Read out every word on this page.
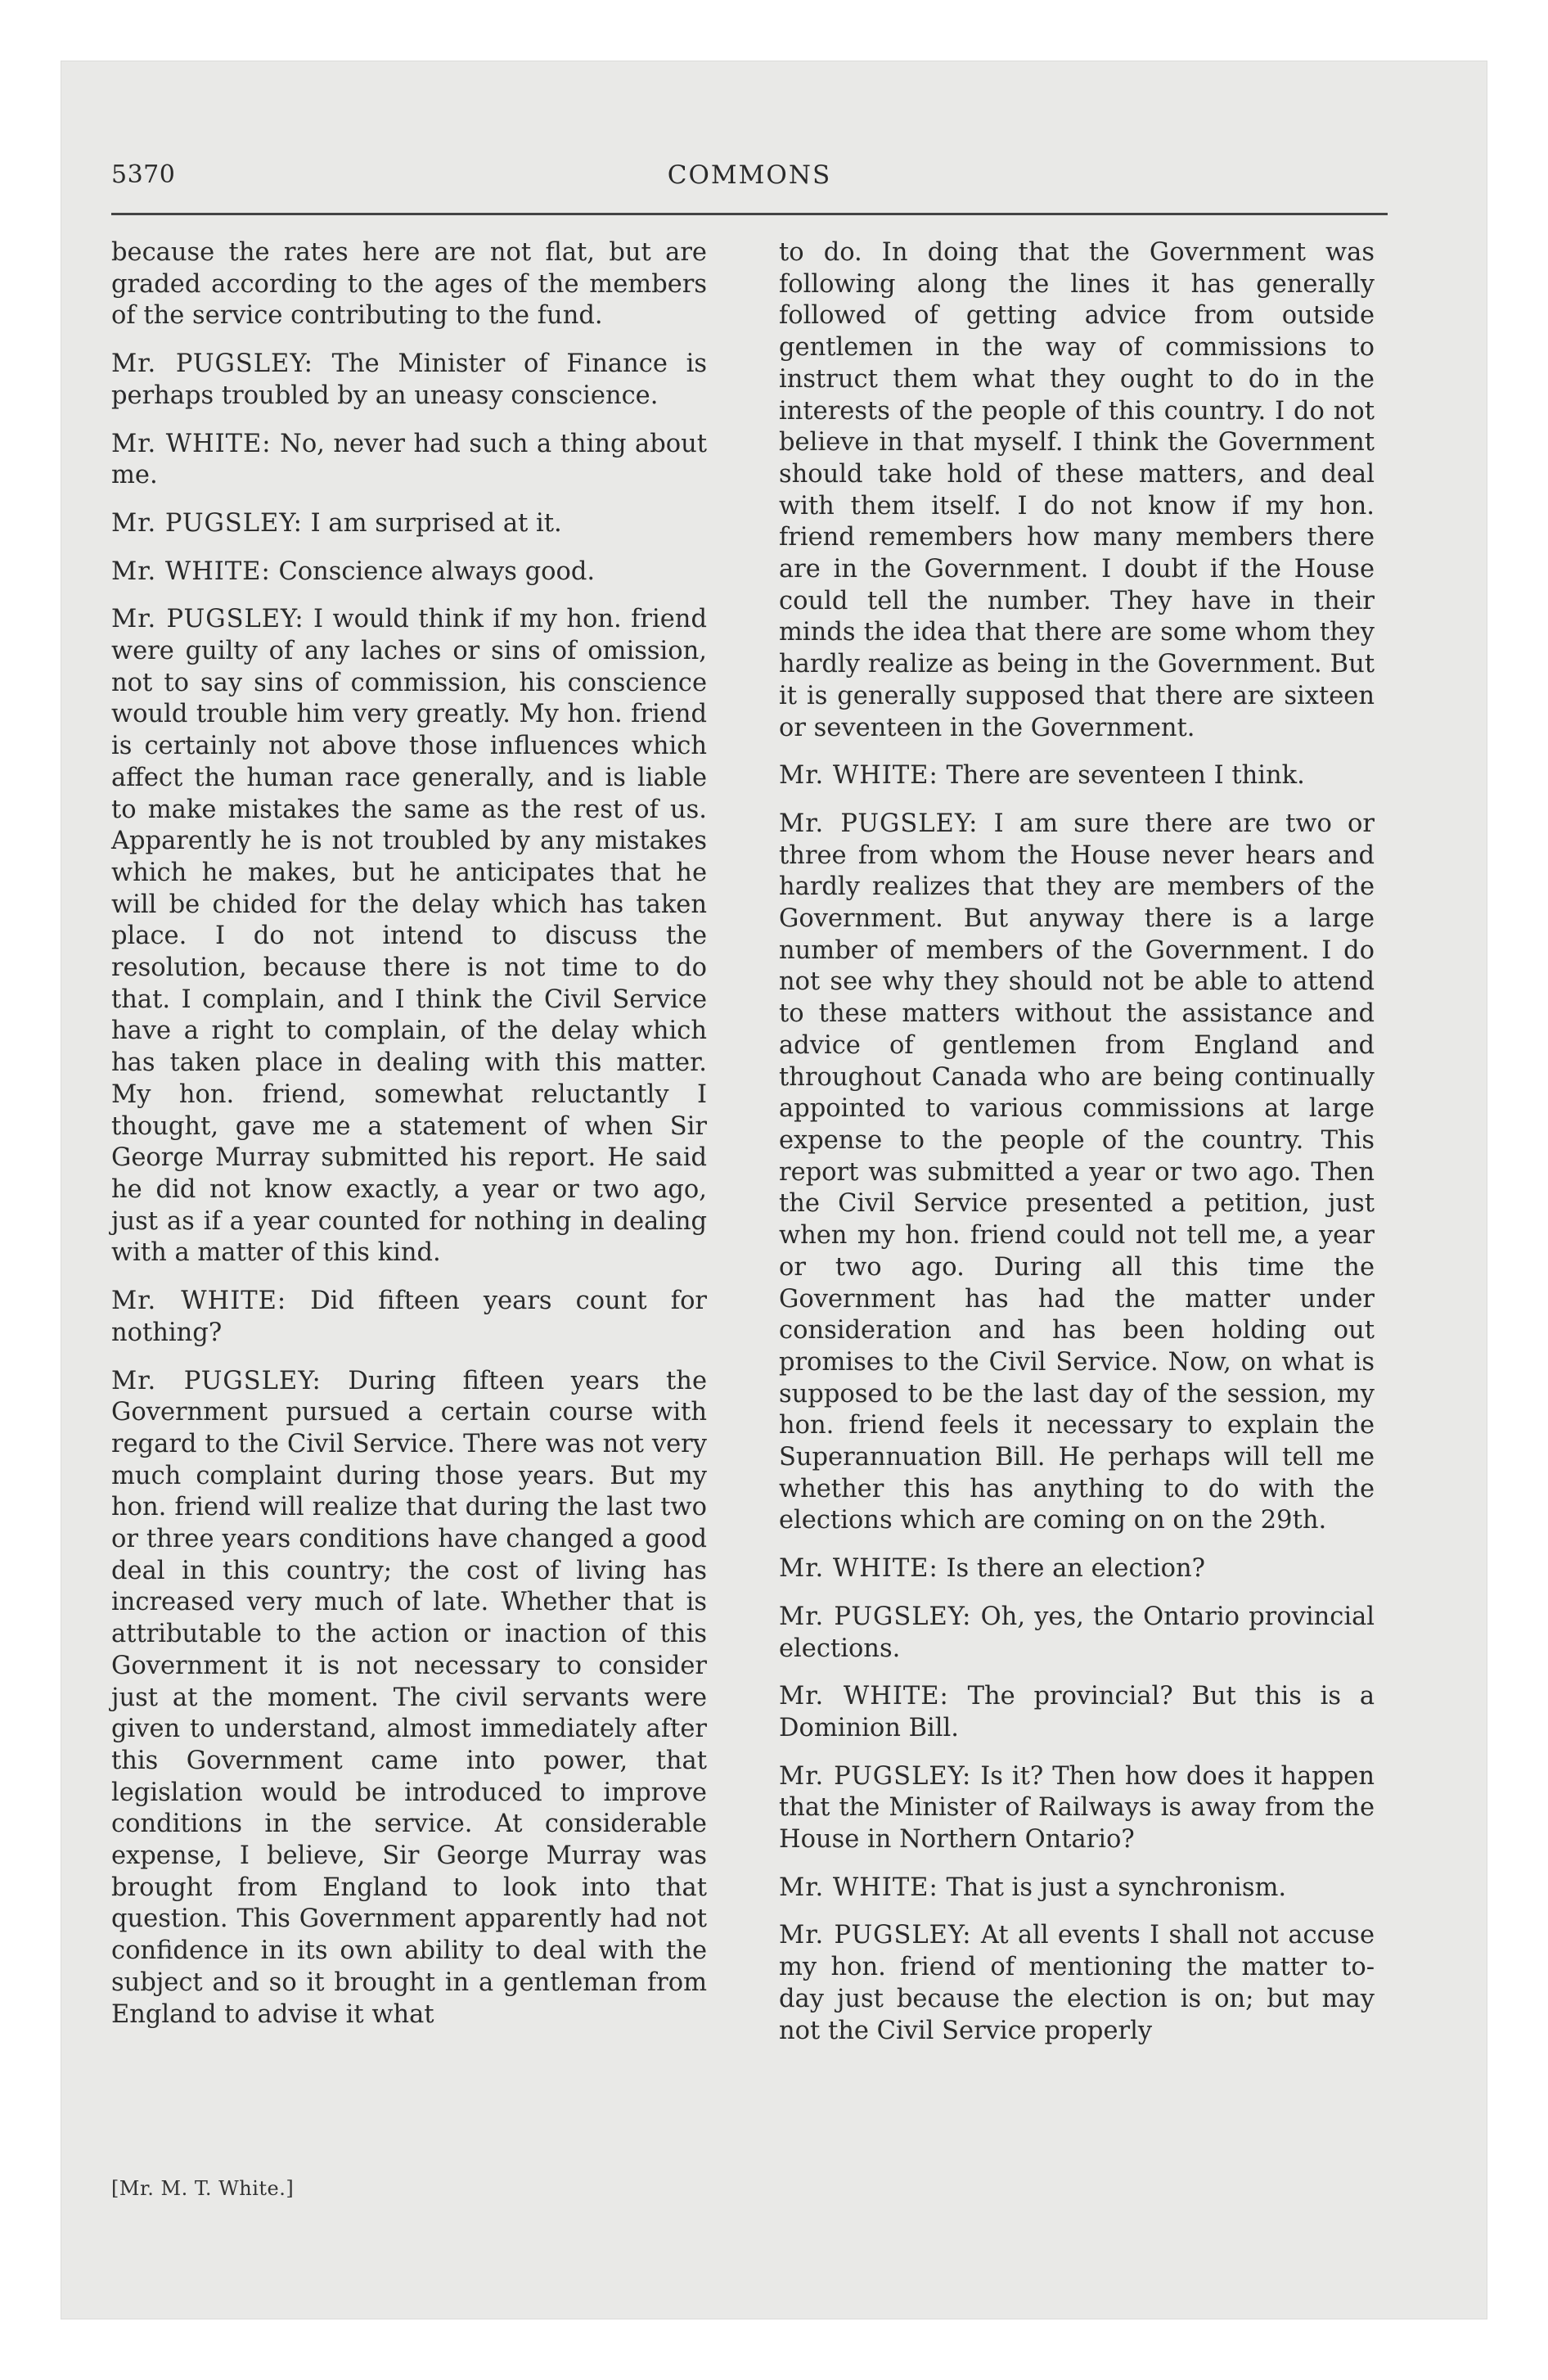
5370	COMMONS

because the rates here are not flat, but are graded according to the ages of the members of the service contributing to the fund.

Mr. PUGSLEY: The Minister of Finance is perhaps troubled by an uneasy conscience.

Mr. WHITE: No, never had such a thing about me.

Mr. PUGSLEY: I am surprised at it.

Mr. WHITE: Conscience always good.

Mr. PUGSLEY: I would think if my hon. friend were guilty of any laches or sins of omission, not to say sins of commission, his conscience would trouble him very greatly. My hon. friend is certainly not above those influences which affect the human race generally, and is liable to make mistakes the same as the rest of us. Apparently he is not troubled by any mistakes which he makes, but he anticipates that he will be chided for the delay which has taken place. I do not intend to discuss the resolution, because there is not time to do that. I complain, and I think the Civil Service have a right to complain, of the delay which has taken place in dealing with this matter. My hon. friend, somewhat reluctantly I thought, gave me a statement of when Sir George Murray submitted his report. He said he did not know exactly, a year or two ago, just as if a year counted for nothing in dealing with a matter of this kind.

Mr. WHITE: Did fifteen years count for nothing?

Mr. PUGSLEY: During fifteen years the Government pursued a certain course with regard to the Civil Service. There was not very much complaint during those years. But my hon. friend will realize that during the last two or three years conditions have changed a good deal in this country; the cost of living has increased very much of late. Whether that is attributable to the action or inaction of this Government it is not necessary to consider just at the moment. The civil servants were given to understand, almost immediately after this Government came into power, that legislation would be introduced to improve conditions in the service. At considerable expense, I believe, Sir George Murray was brought from England to look into that question. This Government apparently had not confidence in its own ability to deal with the subject and so it brought in a gentleman from England to advise it what

to do. In doing that the Government was following along the lines it has generally followed of getting advice from outside gentlemen in the way of commissions to instruct them what they ought to do in the interests of the people of this country. I do not believe in that myself. I think the Government should take hold of these matters, and deal with them itself. I do not know if my hon. friend remembers how many members there are in the Government. I doubt if the House could tell the number. They have in their minds the idea that there are some whom they hardly realize as being in the Government. But it is generally supposed that there are sixteen or seventeen in the Government.

Mr. WHITE: There are seventeen I think.

Mr. PUGSLEY: I am sure there are two or three from whom the House never hears and hardly realizes that they are members of the Government. But anyway there is a large number of members of the Government. I do not see why they should not be able to attend to these matters without the assistance and advice of gentlemen from England and throughout Canada who are being continually appointed to various commissions at large expense to the people of the country. This report was submitted a year or two ago. Then the Civil Service presented a petition, just when my hon. friend could not tell me, a year or two ago. During all this time the Government has had the matter under consideration and has been holding out promises to the Civil Service. Now, on what is supposed to be the last day of the session, my hon. friend feels it necessary to explain the Superannuation Bill. He perhaps will tell me whether this has anything to do with the elections which are coming on on the 29th.

Mr. WHITE: Is there an election?

Mr. PUGSLEY: Oh, yes, the Ontario provincial elections.

Mr. WHITE: The provincial? But this is a Dominion Bill.

Mr. PUGSLEY: Is it? Then how does it happen that the Minister of Railways is away from the House in Northern Ontario?

Mr. WHITE: That is just a synchronism.

Mr. PUGSLEY: At all events I shall not accuse my hon. friend of mentioning the matter to-day just because the election is on; but may not the Civil Service properly

[Mr. M. T. White.]
